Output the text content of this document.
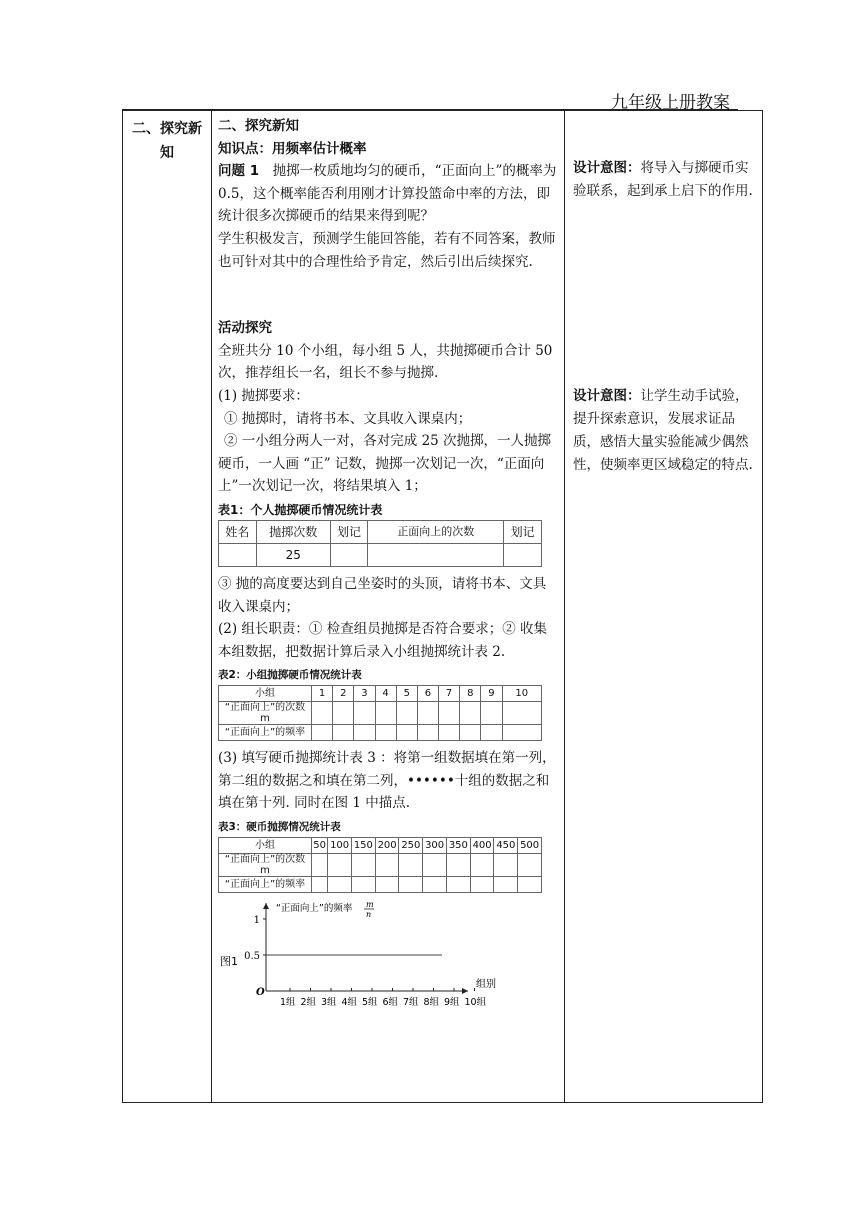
九年级上册教案
二、探究新
知

二、探究新知

知识点：用频率估计概率

问题 1　抛掷一枚质地均匀的硬币，“正面向上”的概率为 0.5，这个概率能否利用刚才计算投篮命中率的方法，即统计很多次掷硬币的结果来得到呢？

学生积极发言，预测学生能回答能，若有不同答案，教师也可针对其中的合理性给予肯定，然后引出后续探究.

活动探究

全班共分 10 个小组，每小组 5 人，共抛掷硬币合计 50 次，推荐组长一名，组长不参与抛掷.

(1) 抛掷要求：

① 抛掷时，请将书本、文具收入课桌内；

② 一小组分两人一对，各对完成 25 次抛掷，一人抛掷硬币，一人画 “正” 记数，抛掷一次划记一次，“正面向上”一次划记一次，将结果填入 1；

表1：个人抛掷硬币情况统计表
姓名	抛掷次数	划记	正面向上的次数	划记
	25			

③ 抛的高度要达到自己坐姿时的头顶，请将书本、文具收入课桌内；

(2) 组长职责：① 检查组员抛掷是否符合要求；② 收集本组数据，把数据计算后录入小组抛掷统计表 2.

表2：小组抛掷硬币情况统计表
小组	1	2	3	4	5	6	7	8	9	10
“正面向上”的次数 m										
“正面向上”的频率										

(3) 填写硬币抛掷统计表 3 ：将第一组数据填在第一列，第二组的数据之和填在第二列，••••••十组的数据之和填在第十列. 同时在图 1 中描点.

表3：硬币抛掷情况统计表
小组	50	100	150	200	250	300	350	400	450	500
“正面向上”的次数 m										
“正面向上”的频率										
1
0.5
“正面向上”的频率 m
n
图1
O
组别
1组 2组 3组 4组 5组 6组 7组 8组 9组 10组

设计意图：将导入与掷硬币实验联系，起到承上启下的作用.
设计意图：让学生动手试验，提升探索意识，发展求证品质，感悟大量实验能减少偶然性，使频率更区域稳定的特点.
